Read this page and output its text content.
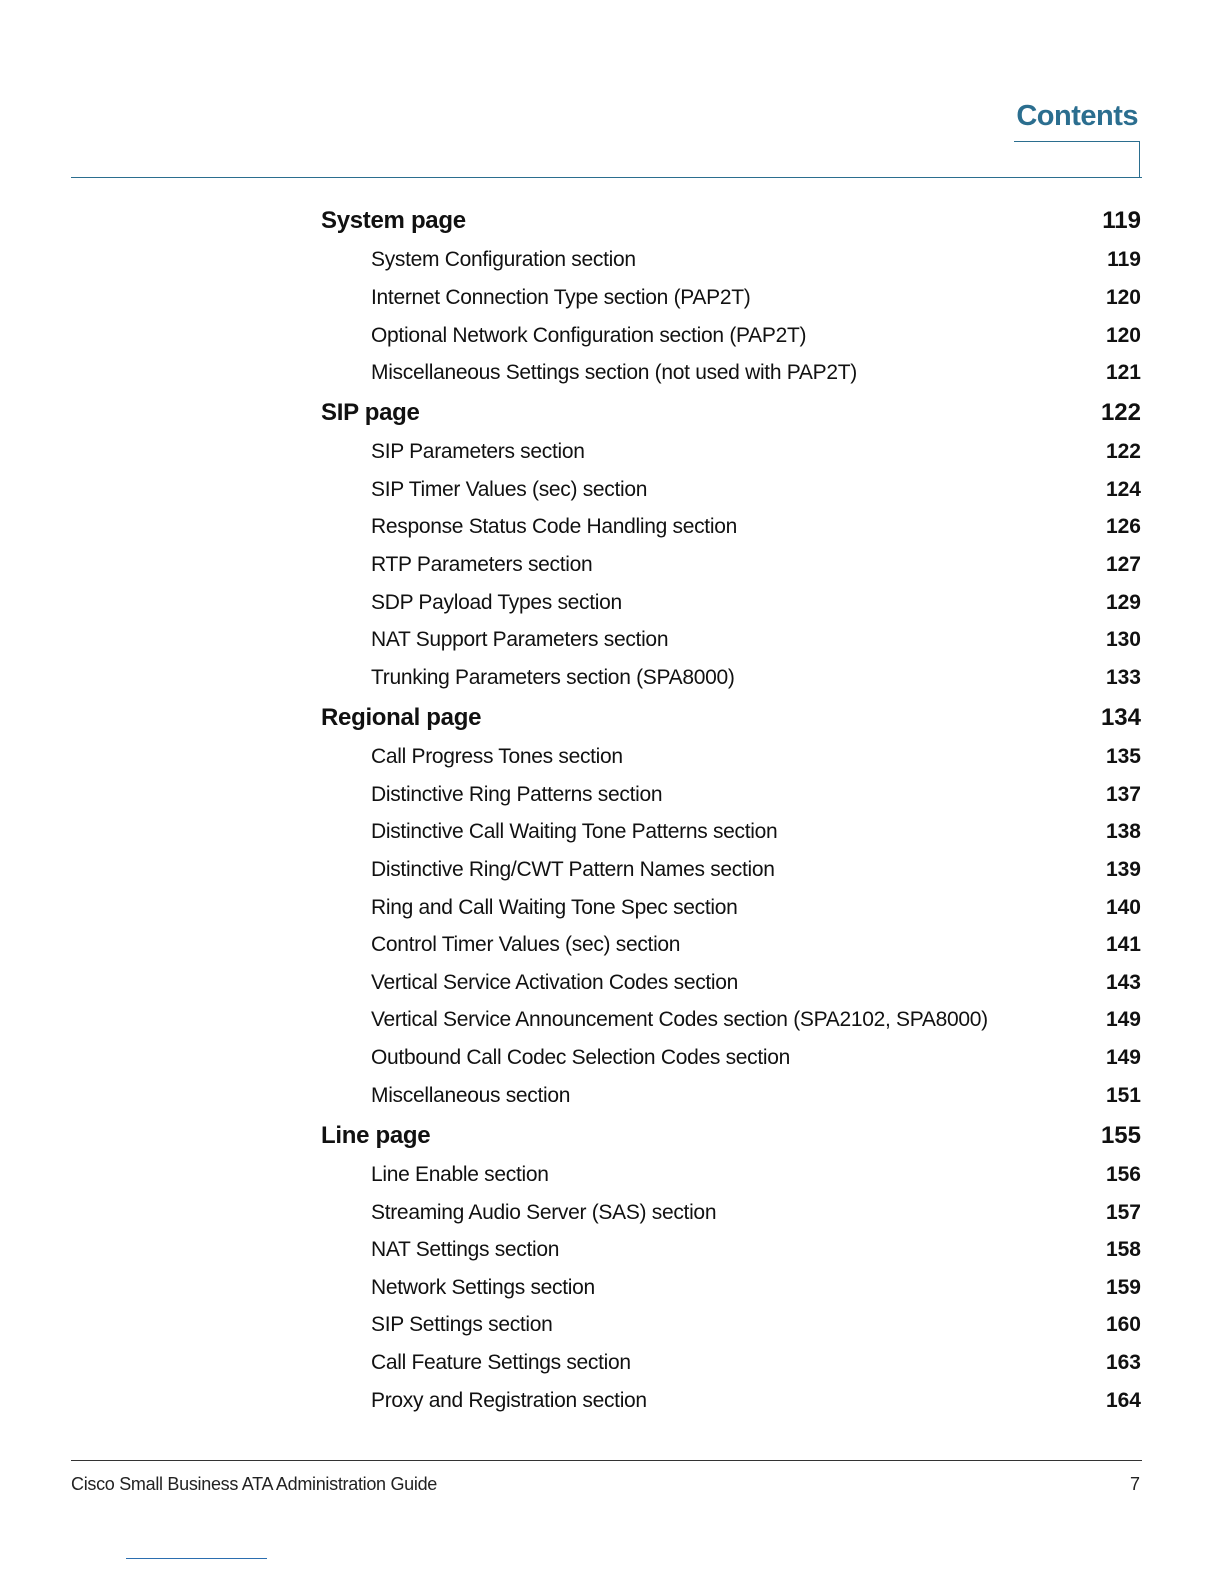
Contents
System page	119
System Configuration section	119
Internet Connection Type section (PAP2T)	120
Optional Network Configuration section (PAP2T)	120
Miscellaneous Settings section (not used with PAP2T)	121
SIP page	122
SIP Parameters section	122
SIP Timer Values (sec) section	124
Response Status Code Handling section	126
RTP Parameters section	127
SDP Payload Types section	129
NAT Support Parameters section	130
Trunking Parameters section (SPA8000)	133
Regional page	134
Call Progress Tones section	135
Distinctive Ring Patterns section	137
Distinctive Call Waiting Tone Patterns section	138
Distinctive Ring/CWT Pattern Names section	139
Ring and Call Waiting Tone Spec section	140
Control Timer Values (sec) section	141
Vertical Service Activation Codes section	143
Vertical Service Announcement Codes section (SPA2102, SPA8000)	149
Outbound Call Codec Selection Codes section	149
Miscellaneous section	151
Line page	155
Line Enable section	156
Streaming Audio Server (SAS) section	157
NAT Settings section	158
Network Settings section	159
SIP Settings section	160
Call Feature Settings section	163
Proxy and Registration section	164
Cisco Small Business ATA Administration Guide	7
